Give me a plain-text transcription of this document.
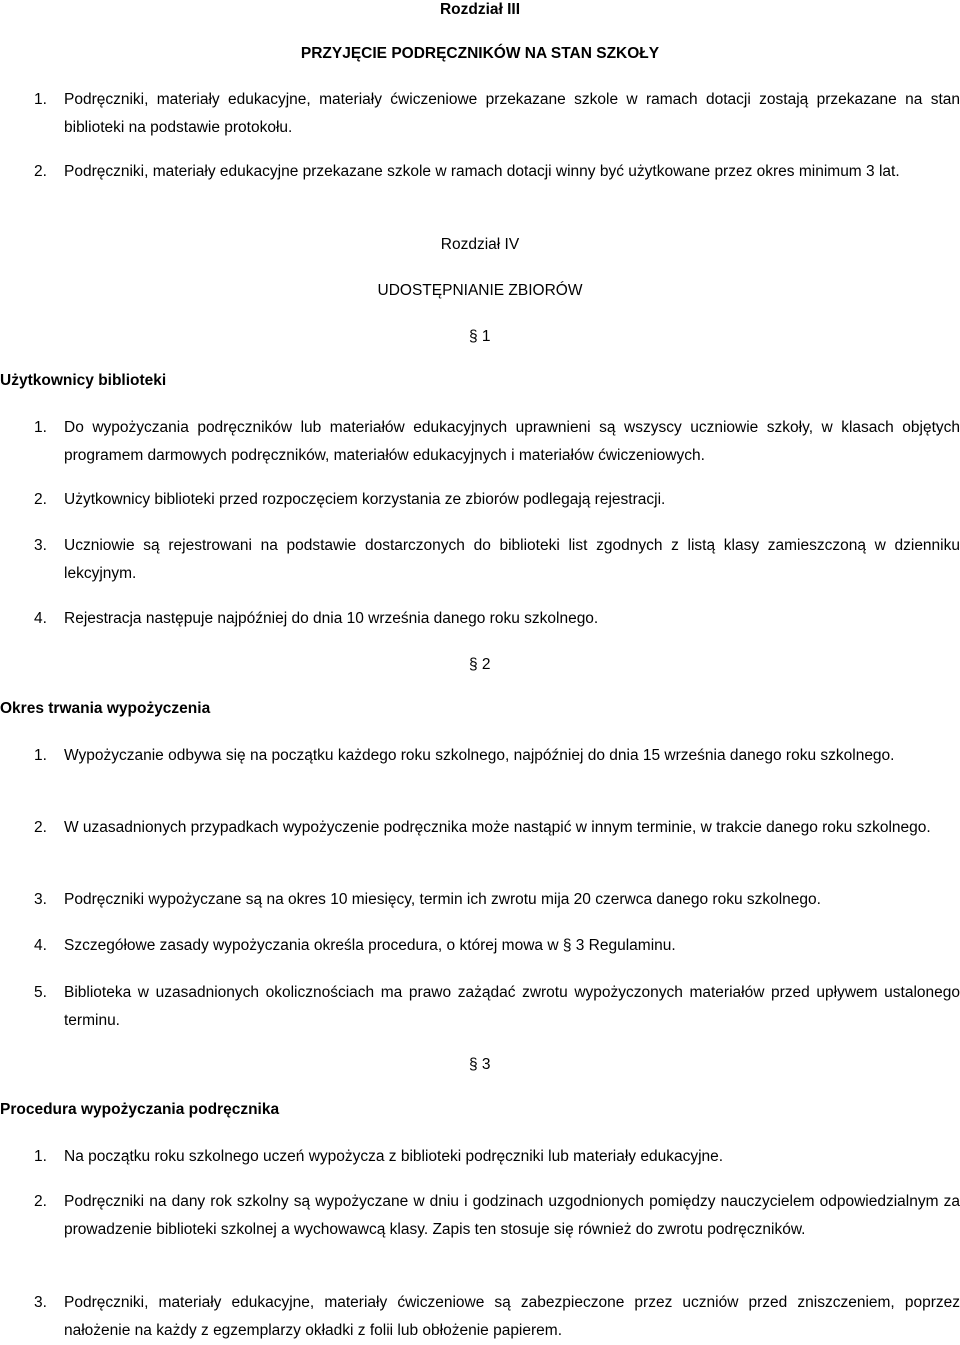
Rozdział III
PRZYJĘCIE PODRĘCZNIKÓW NA STAN SZKOŁY
1.	Podręczniki, materiały edukacyjne, materiały ćwiczeniowe przekazane szkole w ramach dotacji zostają przekazane na stan biblioteki na podstawie protokołu.
2.	Podręczniki, materiały edukacyjne przekazane szkole w ramach dotacji winny być użytkowane przez okres minimum 3 lat.
Rozdział IV
UDOSTĘPNIANIE ZBIORÓW
§ 1
Użytkownicy biblioteki
1.	Do wypożyczania podręczników lub materiałów edukacyjnych uprawnieni są wszyscy uczniowie szkoły, w klasach objętych programem darmowych podręczników, materiałów edukacyjnych i materiałów ćwiczeniowych.
2.	Użytkownicy biblioteki przed rozpoczęciem korzystania ze zbiorów podlegają rejestracji.
3.	Uczniowie są rejestrowani na podstawie dostarczonych do biblioteki list zgodnych z listą klasy zamieszczoną w dzienniku lekcyjnym.
4.	Rejestracja następuje najpóźniej do dnia 10 września danego roku szkolnego.
§ 2
Okres trwania wypożyczenia
1.	Wypożyczanie odbywa się na początku każdego roku szkolnego, najpóźniej do dnia 15 września danego roku szkolnego.
2.	W uzasadnionych przypadkach wypożyczenie podręcznika może nastąpić w innym terminie, w trakcie danego roku szkolnego.
3.	Podręczniki wypożyczane są na okres 10 miesięcy, termin ich zwrotu mija 20 czerwca danego roku szkolnego.
4.	Szczegółowe zasady wypożyczania określa procedura, o której mowa w § 3 Regulaminu.
5.	Biblioteka w uzasadnionych okolicznościach ma prawo zażądać zwrotu wypożyczonych materiałów przed upływem ustalonego terminu.
§ 3
Procedura wypożyczania podręcznika
1.	Na początku roku szkolnego uczeń wypożycza z biblioteki podręczniki lub materiały edukacyjne.
2.	Podręczniki na dany rok szkolny są wypożyczane w dniu i godzinach uzgodnionych pomiędzy nauczycielem odpowiedzialnym za prowadzenie biblioteki szkolnej a wychowawcą klasy. Zapis ten stosuje się również do zwrotu podręczników.
3.	Podręczniki, materiały edukacyjne, materiały ćwiczeniowe są zabezpieczone przez uczniów przed zniszczeniem, poprzez nałożenie na każdy z egzemplarzy okładki z folii lub obłożenie papierem.
